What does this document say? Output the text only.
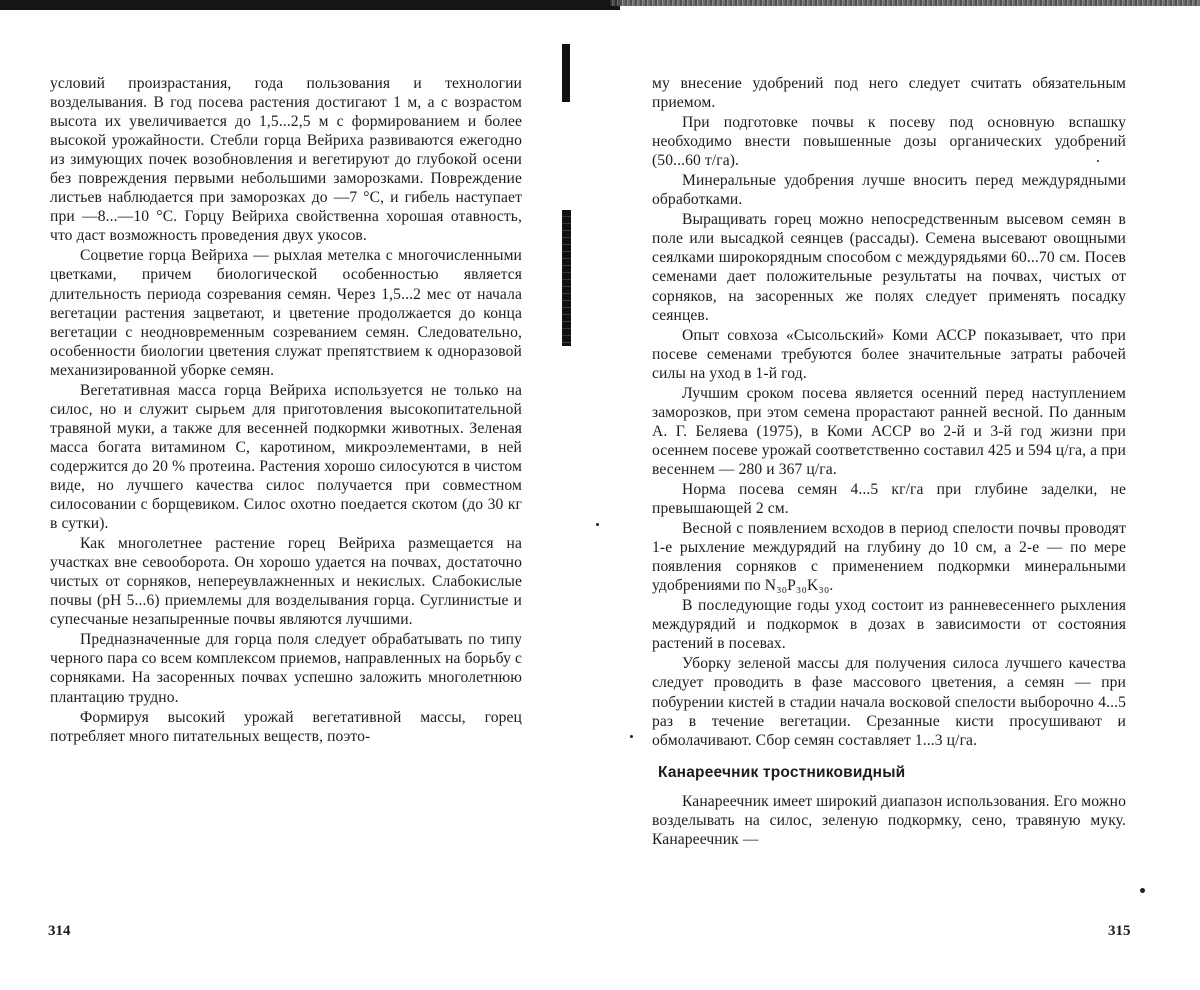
условий произрастания, года пользования и технологии возделывания. В год посева растения достигают 1 м, а с возрастом высота их увеличивается до 1,5...2,5 м с формированием и более высокой урожайности. Стебли горца Вейриха развиваются ежегодно из зимующих почек возобновления и вегетируют до глубокой осени без повреждения первыми небольшими заморозками. Повреждение листьев наблюдается при заморозках до —7 °С, и гибель наступает при —8...—10 °С. Горцу Вейриха свойственна хорошая отавность, что даст возможность проведения двух укосов.

Соцветие горца Вейриха — рыхлая метелка с многочисленными цветками, причем биологической особенностью является длительность периода созревания семян. Через 1,5...2 мес от начала вегетации растения зацветают, и цветение продолжается до конца вегетации с неодновременным созреванием семян. Следовательно, особенности биологии цветения служат препятствием к одноразовой механизированной уборке семян.

Вегетативная масса горца Вейриха используется не только на силос, но и служит сырьем для приготовления высокопитательной травяной муки, а также для весенней подкормки животных. Зеленая масса богата витамином С, каротином, микроэлементами, в ней содержится до 20 % протеина. Растения хорошо силосуются в чистом виде, но лучшего качества силос получается при совместном силосовании с борщевиком. Силос охотно поедается скотом (до 30 кг в сутки).

Как многолетнее растение горец Вейриха размещается на участках вне севооборота. Он хорошо удается на почвах, достаточно чистых от сорняков, непереувлажненных и некислых. Слабокислые почвы (pH 5...6) приемлемы для возделывания горца. Суглинистые и супесчаные незапыренные почвы являются лучшими.

Предназначенные для горца поля следует обрабатывать по типу черного пара со всем комплексом приемов, направленных на борьбу с сорняками. На засоренных почвах успешно заложить многолетнюю плантацию трудно.

Формируя высокий урожай вегетативной массы, горец потребляет много питательных веществ, поэто-

314

му внесение удобрений под него следует считать обязательным приемом.

При подготовке почвы к посеву под основную вспашку необходимо внести повышенные дозы органических удобрений (50...60 т/га).

Минеральные удобрения лучше вносить перед междурядными обработками.

Выращивать горец можно непосредственным высевом семян в поле или высадкой сеянцев (рассады). Семена высевают овощными сеялками широкорядным способом с междурядьями 60...70 см. Посев семенами дает положительные результаты на почвах, чистых от сорняков, на засоренных же полях следует применять посадку сеянцев.

Опыт совхоза «Сысольский» Коми АССР показывает, что при посеве семенами требуются более значительные затраты рабочей силы на уход в 1-й год.

Лучшим сроком посева является осенний перед наступлением заморозков, при этом семена прорастают ранней весной. По данным А. Г. Беляева (1975), в Коми АССР во 2-й и 3-й год жизни при осеннем посеве урожай соответственно составил 425 и 594 ц/га, а при весеннем — 280 и 367 ц/га.

Норма посева семян 4...5 кг/га при глубине заделки, не превышающей 2 см.

Весной с появлением всходов в период спелости почвы проводят 1-е рыхление междурядий на глубину до 10 см, а 2-е — по мере появления сорняков с применением подкормки минеральными удобрениями по N₃₀P₃₀K₃₀.

В последующие годы уход состоит из ранневесеннего рыхления междурядий и подкормок в дозах в зависимости от состояния растений в посевах.

Уборку зеленой массы для получения силоса лучшего качества следует проводить в фазе массового цветения, а семян — при побурении кистей в стадии начала восковой спелости выборочно 4...5 раз в течение вегетации. Срезанные кисти просушивают и обмолачивают. Сбор семян составляет 1...3 ц/га.

Канареечник тростниковидный

Канареечник имеет широкий диапазон использования. Его можно возделывать на силос, зеленую подкормку, сено, травяную муку. Канареечник —

315
